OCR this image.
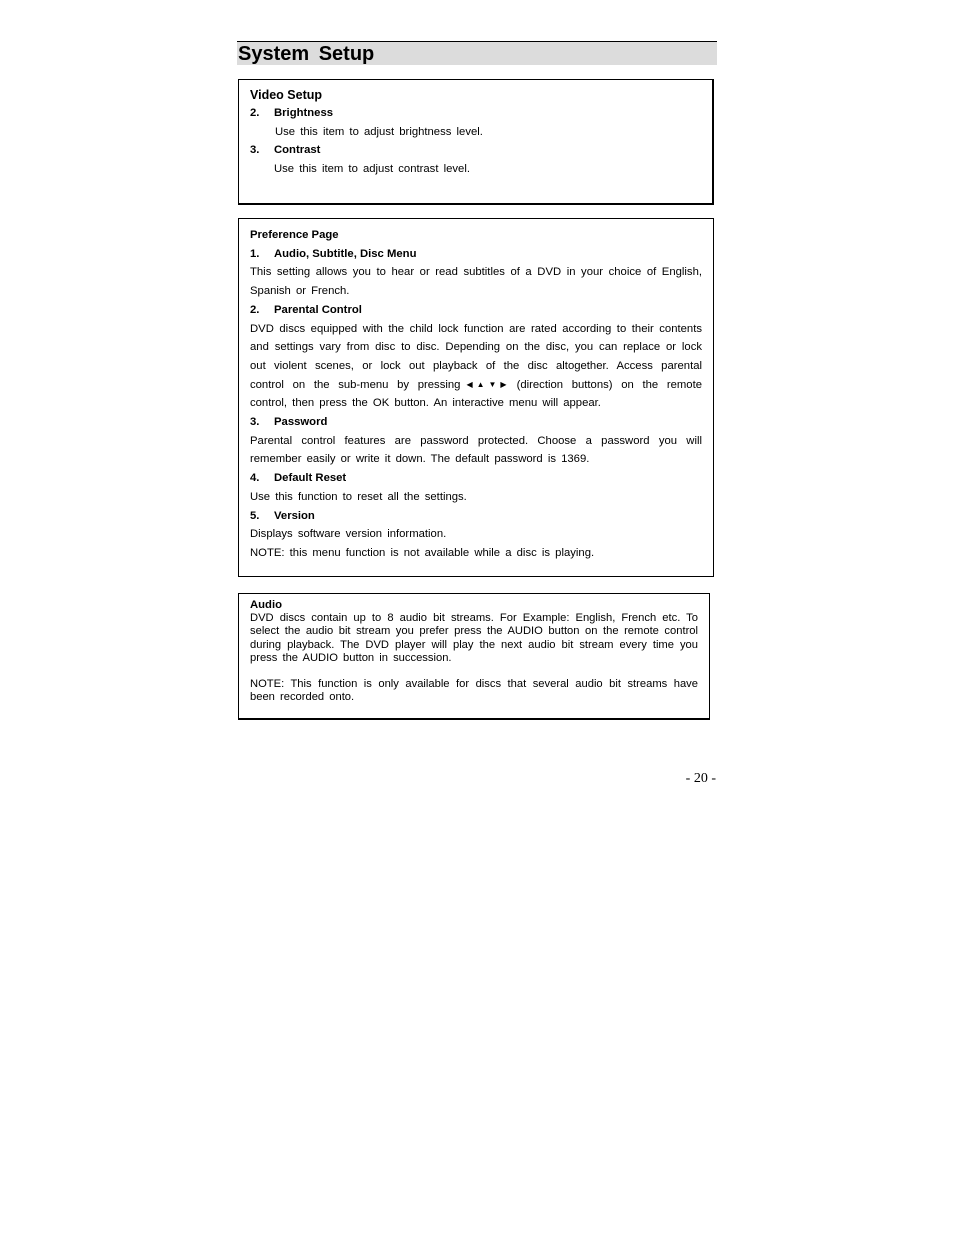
System Setup
Video Setup
2. Brightness
Use this item to adjust brightness level.
3. Contrast
Use this item to adjust contrast level.
Preference Page
1. Audio, Subtitle, Disc Menu
This setting allows you to hear or read subtitles of a DVD in your choice of English, Spanish or French.
2. Parental Control
DVD discs equipped with the child lock function are rated according to their contents and settings vary from disc to disc. Depending on the disc, you can replace or lock out violent scenes, or lock out playback of the disc altogether. Access parental control on the sub-menu by pressing ◀▲▼▶ (direction buttons) on the remote control, then press the OK button. An interactive menu will appear.
3. Password
Parental control features are password protected. Choose a password you will remember easily or write it down. The default password is 1369.
4. Default Reset
Use this function to reset all the settings.
5. Version
Displays software version information.
NOTE: this menu function is not available while a disc is playing.
Audio
DVD discs contain up to 8 audio bit streams. For Example: English, French etc. To select the audio bit stream you prefer press the AUDIO button on the remote control during playback. The DVD player will play the next audio bit stream every time you press the AUDIO button in succession.
NOTE: This function is only available for discs that several audio bit streams have been recorded onto.
- 20 -
